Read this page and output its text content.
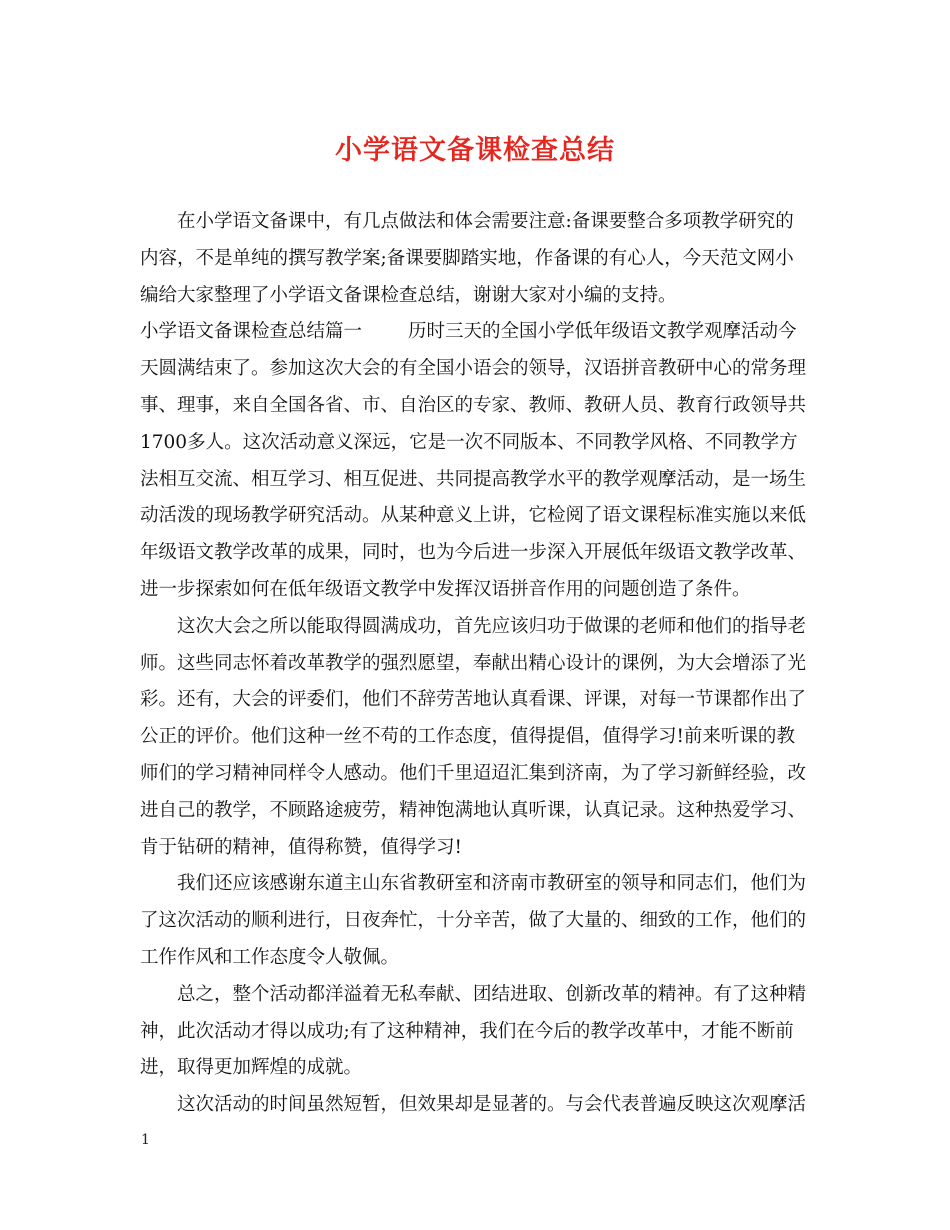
小学语文备课检查总结

在小学语文备课中，有几点做法和体会需要注意:备课要整合多项教学研究的内容，不是单纯的撰写教学案;备课要脚踏实地，作备课的有心人，今天范文网小编给大家整理了小学语文备课检查总结，谢谢大家对小编的支持。

小学语文备课检查总结篇一 历时三天的全国小学低年级语文教学观摩活动今天圆满结束了。参加这次大会的有全国小语会的领导，汉语拼音教研中心的常务理事、理事，来自全国各省、市、自治区的专家、教师、教研人员、教育行政领导共1700多人。这次活动意义深远，它是一次不同版本、不同教学风格、不同教学方法相互交流、相互学习、相互促进、共同提高教学水平的教学观摩活动，是一场生动活泼的现场教学研究活动。从某种意义上讲，它检阅了语文课程标准实施以来低年级语文教学改革的成果，同时，也为今后进一步深入开展低年级语文教学改革、进一步探索如何在低年级语文教学中发挥汉语拼音作用的问题创造了条件。

这次大会之所以能取得圆满成功，首先应该归功于做课的老师和他们的指导老师。这些同志怀着改革教学的强烈愿望，奉献出精心设计的课例，为大会增添了光彩。还有，大会的评委们，他们不辞劳苦地认真看课、评课，对每一节课都作出了公正的评价。他们这种一丝不苟的工作态度，值得提倡，值得学习!前来听课的教师们的学习精神同样令人感动。他们千里迢迢汇集到济南，为了学习新鲜经验，改进自己的教学，不顾路途疲劳，精神饱满地认真听课，认真记录。这种热爱学习、肯于钻研的精神，值得称赞，值得学习!

我们还应该感谢东道主山东省教研室和济南市教研室的领导和同志们，他们为了这次活动的顺利进行，日夜奔忙，十分辛苦，做了大量的、细致的工作，他们的工作作风和工作态度令人敬佩。

总之，整个活动都洋溢着无私奉献、团结进取、创新改革的精神。有了这种精神，此次活动才得以成功;有了这种精神，我们在今后的教学改革中，才能不断前进，取得更加辉煌的成就。

这次活动的时间虽然短暂，但效果却是显著的。与会代表普遍反映这次观摩活

1
